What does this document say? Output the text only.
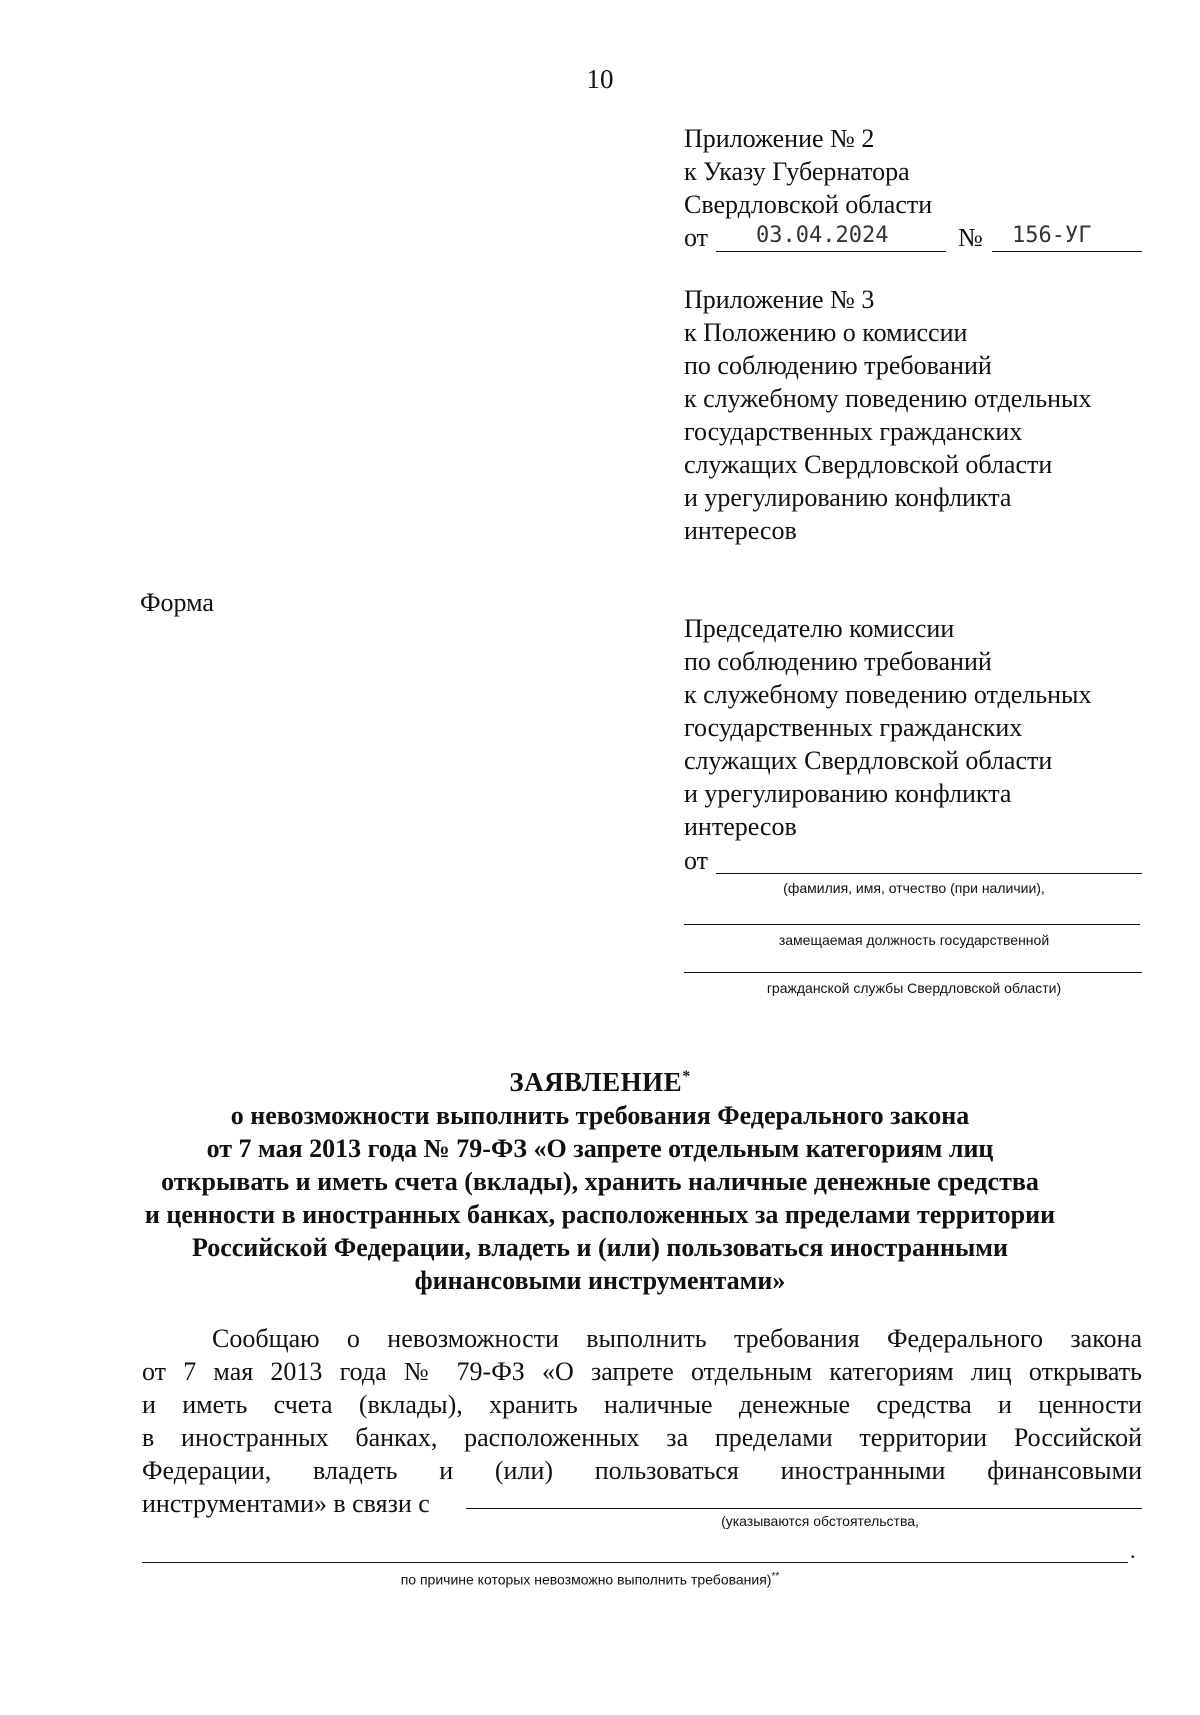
10
Приложение № 2
к Указу Губернатора
Свердловской области
от 03.04.2024	№ 156-УГ
Приложение № 3
к Положению о комиссии
по соблюдению требований
к служебному поведению отдельных
государственных гражданских
служащих Свердловской области
и урегулированию конфликта
интересов
Форма
Председателю комиссии
по соблюдению требований
к служебному поведению отдельных
государственных гражданских
служащих Свердловской области
и урегулированию конфликта
интересов
от
(фамилия, имя, отчество (при наличии),
замещаемая должность государственной
гражданской службы Свердловской области)
ЗАЯВЛЕНИЕ*
о невозможности выполнить требования Федерального закона
от 7 мая 2013 года № 79-ФЗ «О запрете отдельным категориям лиц
открывать и иметь счета (вклады), хранить наличные денежные средства
и ценности в иностранных банках, расположенных за пределами территории
Российской Федерации, владеть и (или) пользоваться иностранными
финансовыми инструментами»
Сообщаю о невозможности выполнить требования Федерального закона
от 7 мая 2013 года № 79-ФЗ «О запрете отдельным категориям лиц открывать
и иметь счета (вклады), хранить наличные денежные средства и ценности
в иностранных банках, расположенных за пределами территории Российской
Федерации, владеть и (или) пользоваться иностранными финансовыми
инструментами» в связи с
(указываются обстоятельства,
.
по причине которых невозможно выполнить требования)**
